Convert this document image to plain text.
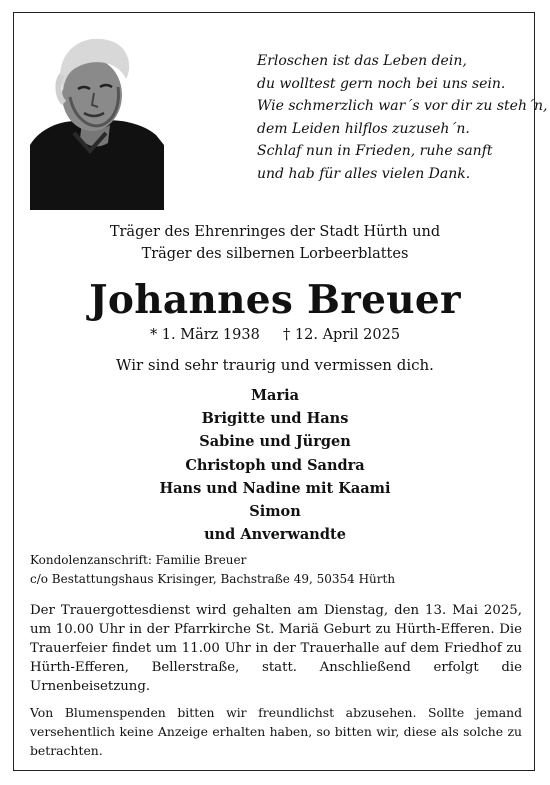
Erloschen ist das Leben dein,
du wolltest gern noch bei uns sein.
Wie schmerzlich war´s vor dir zu steh´n,
dem Leiden hilflos zuzuseh´n.
Schlaf nun in Frieden, ruhe sanft
und hab für alles vielen Dank.
Träger des Ehrenringes der Stadt Hürth und
Träger des silbernen Lorbeerblattes
Johannes Breuer
* 1. März 1938 † 12. April 2025
Wir sind sehr traurig und vermissen dich.
Maria
Brigitte und Hans
Sabine und Jürgen
Christoph und Sandra
Hans und Nadine mit Kaami
Simon
und Anverwandte
Kondolenzanschrift: Familie Breuer
c/o Bestattungshaus Krisinger, Bachstraße 49, 50354 Hürth
Der Trauergottesdienst wird gehalten am Dienstag, den 13. Mai 2025, um 10.00 Uhr in der Pfarrkirche St. Mariä Geburt zu Hürth-Efferen. Die Trauerfeier findet um 11.00 Uhr in der Trauerhalle auf dem Friedhof zu Hürth-Efferen, Bellerstraße, statt. Anschließend erfolgt die Urnenbeisetzung.
Von Blumenspenden bitten wir freundlichst abzusehen. Sollte jemand versehentlich keine Anzeige erhalten haben, so bitten wir, diese als solche zu betrachten.
